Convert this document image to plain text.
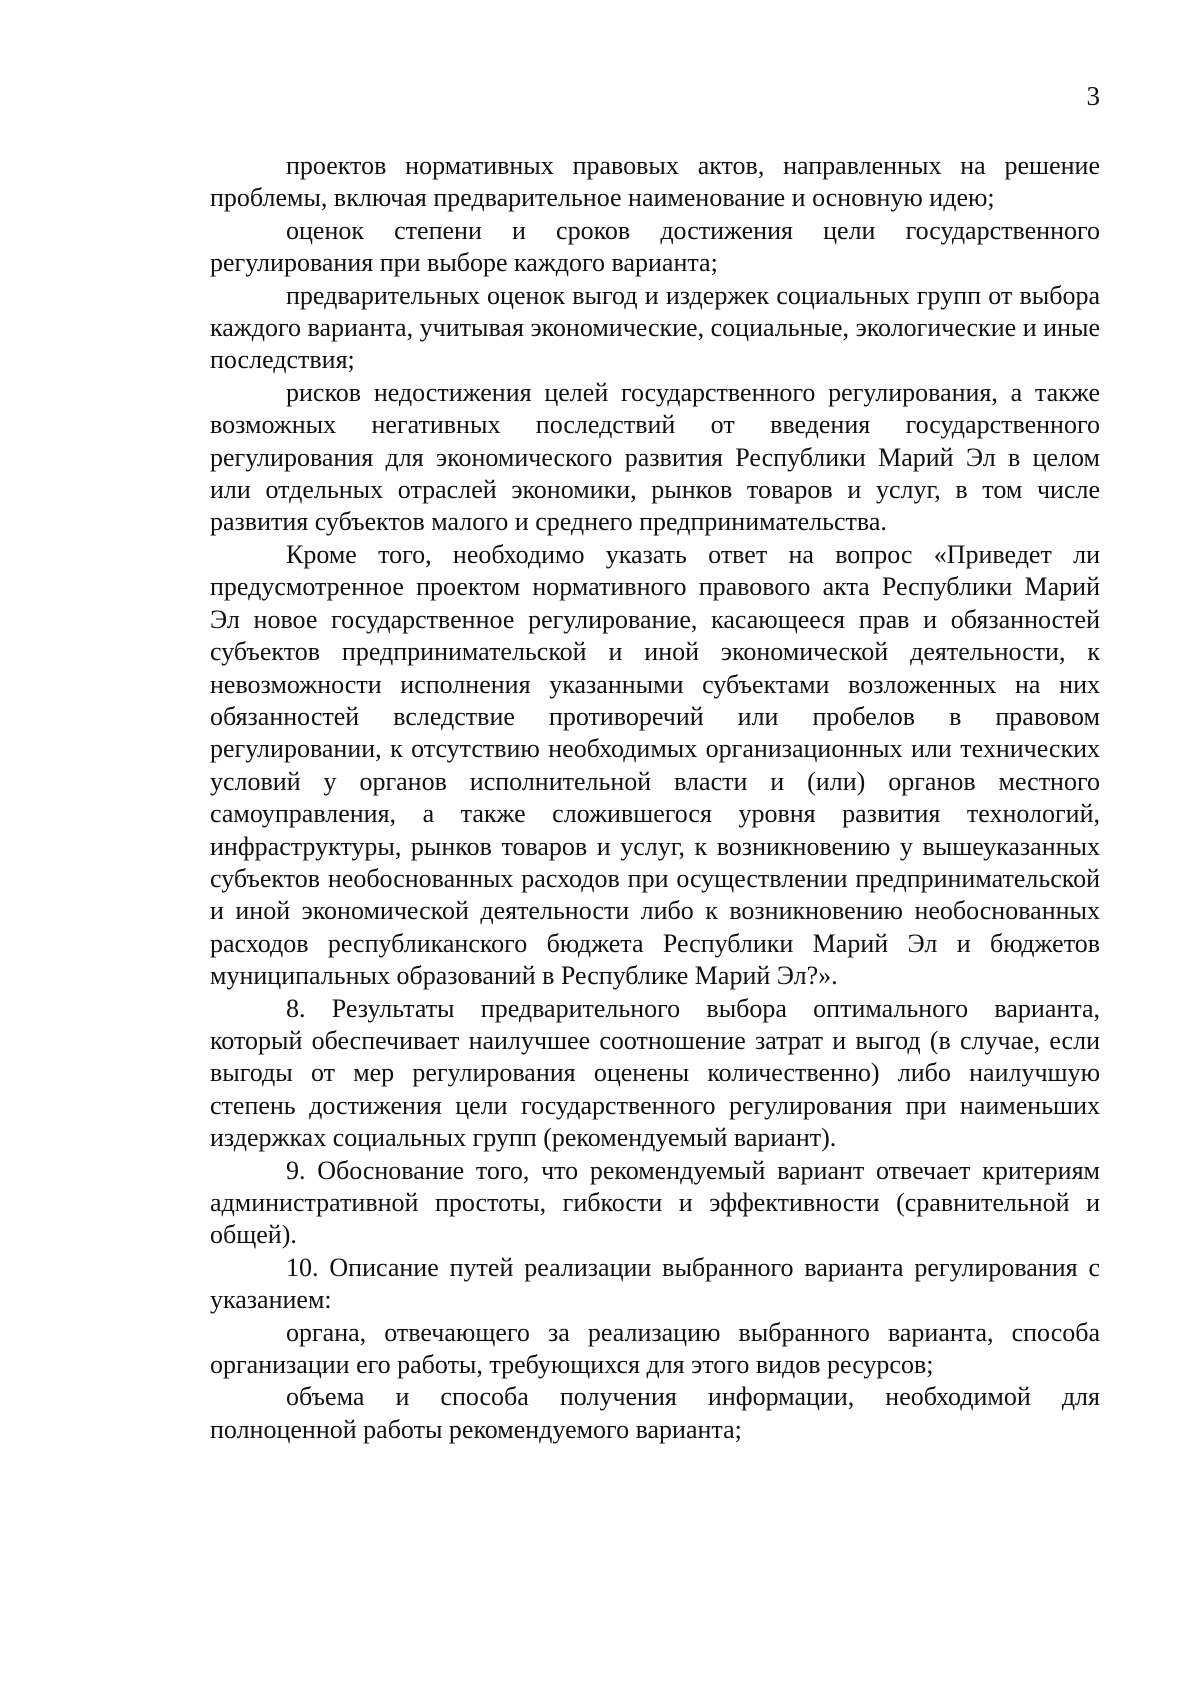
3

проектов нормативных правовых актов, направленных на решение проблемы, включая предварительное наименование и основную идею;

оценок степени и сроков достижения цели государственного регулирования при выборе каждого варианта;

предварительных оценок выгод и издержек социальных групп от выбора каждого варианта, учитывая экономические, социальные, экологические и иные последствия;

рисков недостижения целей государственного регулирования, а также возможных негативных последствий от введения государственного регулирования для экономического развития Республики Марий Эл в целом или отдельных отраслей экономики, рынков товаров и услуг, в том числе развития субъектов малого и среднего предпринимательства.

Кроме того, необходимо указать ответ на вопрос «Приведет ли предусмотренное проектом нормативного правового акта Республики Марий Эл новое государственное регулирование, касающееся прав и обязанностей субъектов предпринимательской и иной экономической деятельности, к невозможности исполнения указанными субъектами возложенных на них обязанностей вследствие противоречий или пробелов в правовом регулировании, к отсутствию необходимых организационных или технических условий у органов исполнительной власти и (или) органов местного самоуправления, а также сложившегося уровня развития технологий, инфраструктуры, рынков товаров и услуг, к возникновению у вышеуказанных субъектов необоснованных расходов при осуществлении предпринимательской и иной экономической деятельности либо к возникновению необоснованных расходов республиканского бюджета Республики Марий Эл и бюджетов муниципальных образований в Республике Марий Эл?».

8. Результаты предварительного выбора оптимального варианта, который обеспечивает наилучшее соотношение затрат и выгод (в случае, если выгоды от мер регулирования оценены количественно) либо наилучшую степень достижения цели государственного регулирования при наименьших издержках социальных групп (рекомендуемый вариант).

9. Обоснование того, что рекомендуемый вариант отвечает критериям административной простоты, гибкости и эффективности (сравнительной и общей).

10. Описание путей реализации выбранного варианта регулирования с указанием:

органа, отвечающего за реализацию выбранного варианта, способа организации его работы, требующихся для этого видов ресурсов;

объема и способа получения информации, необходимой для полноценной работы рекомендуемого варианта;
